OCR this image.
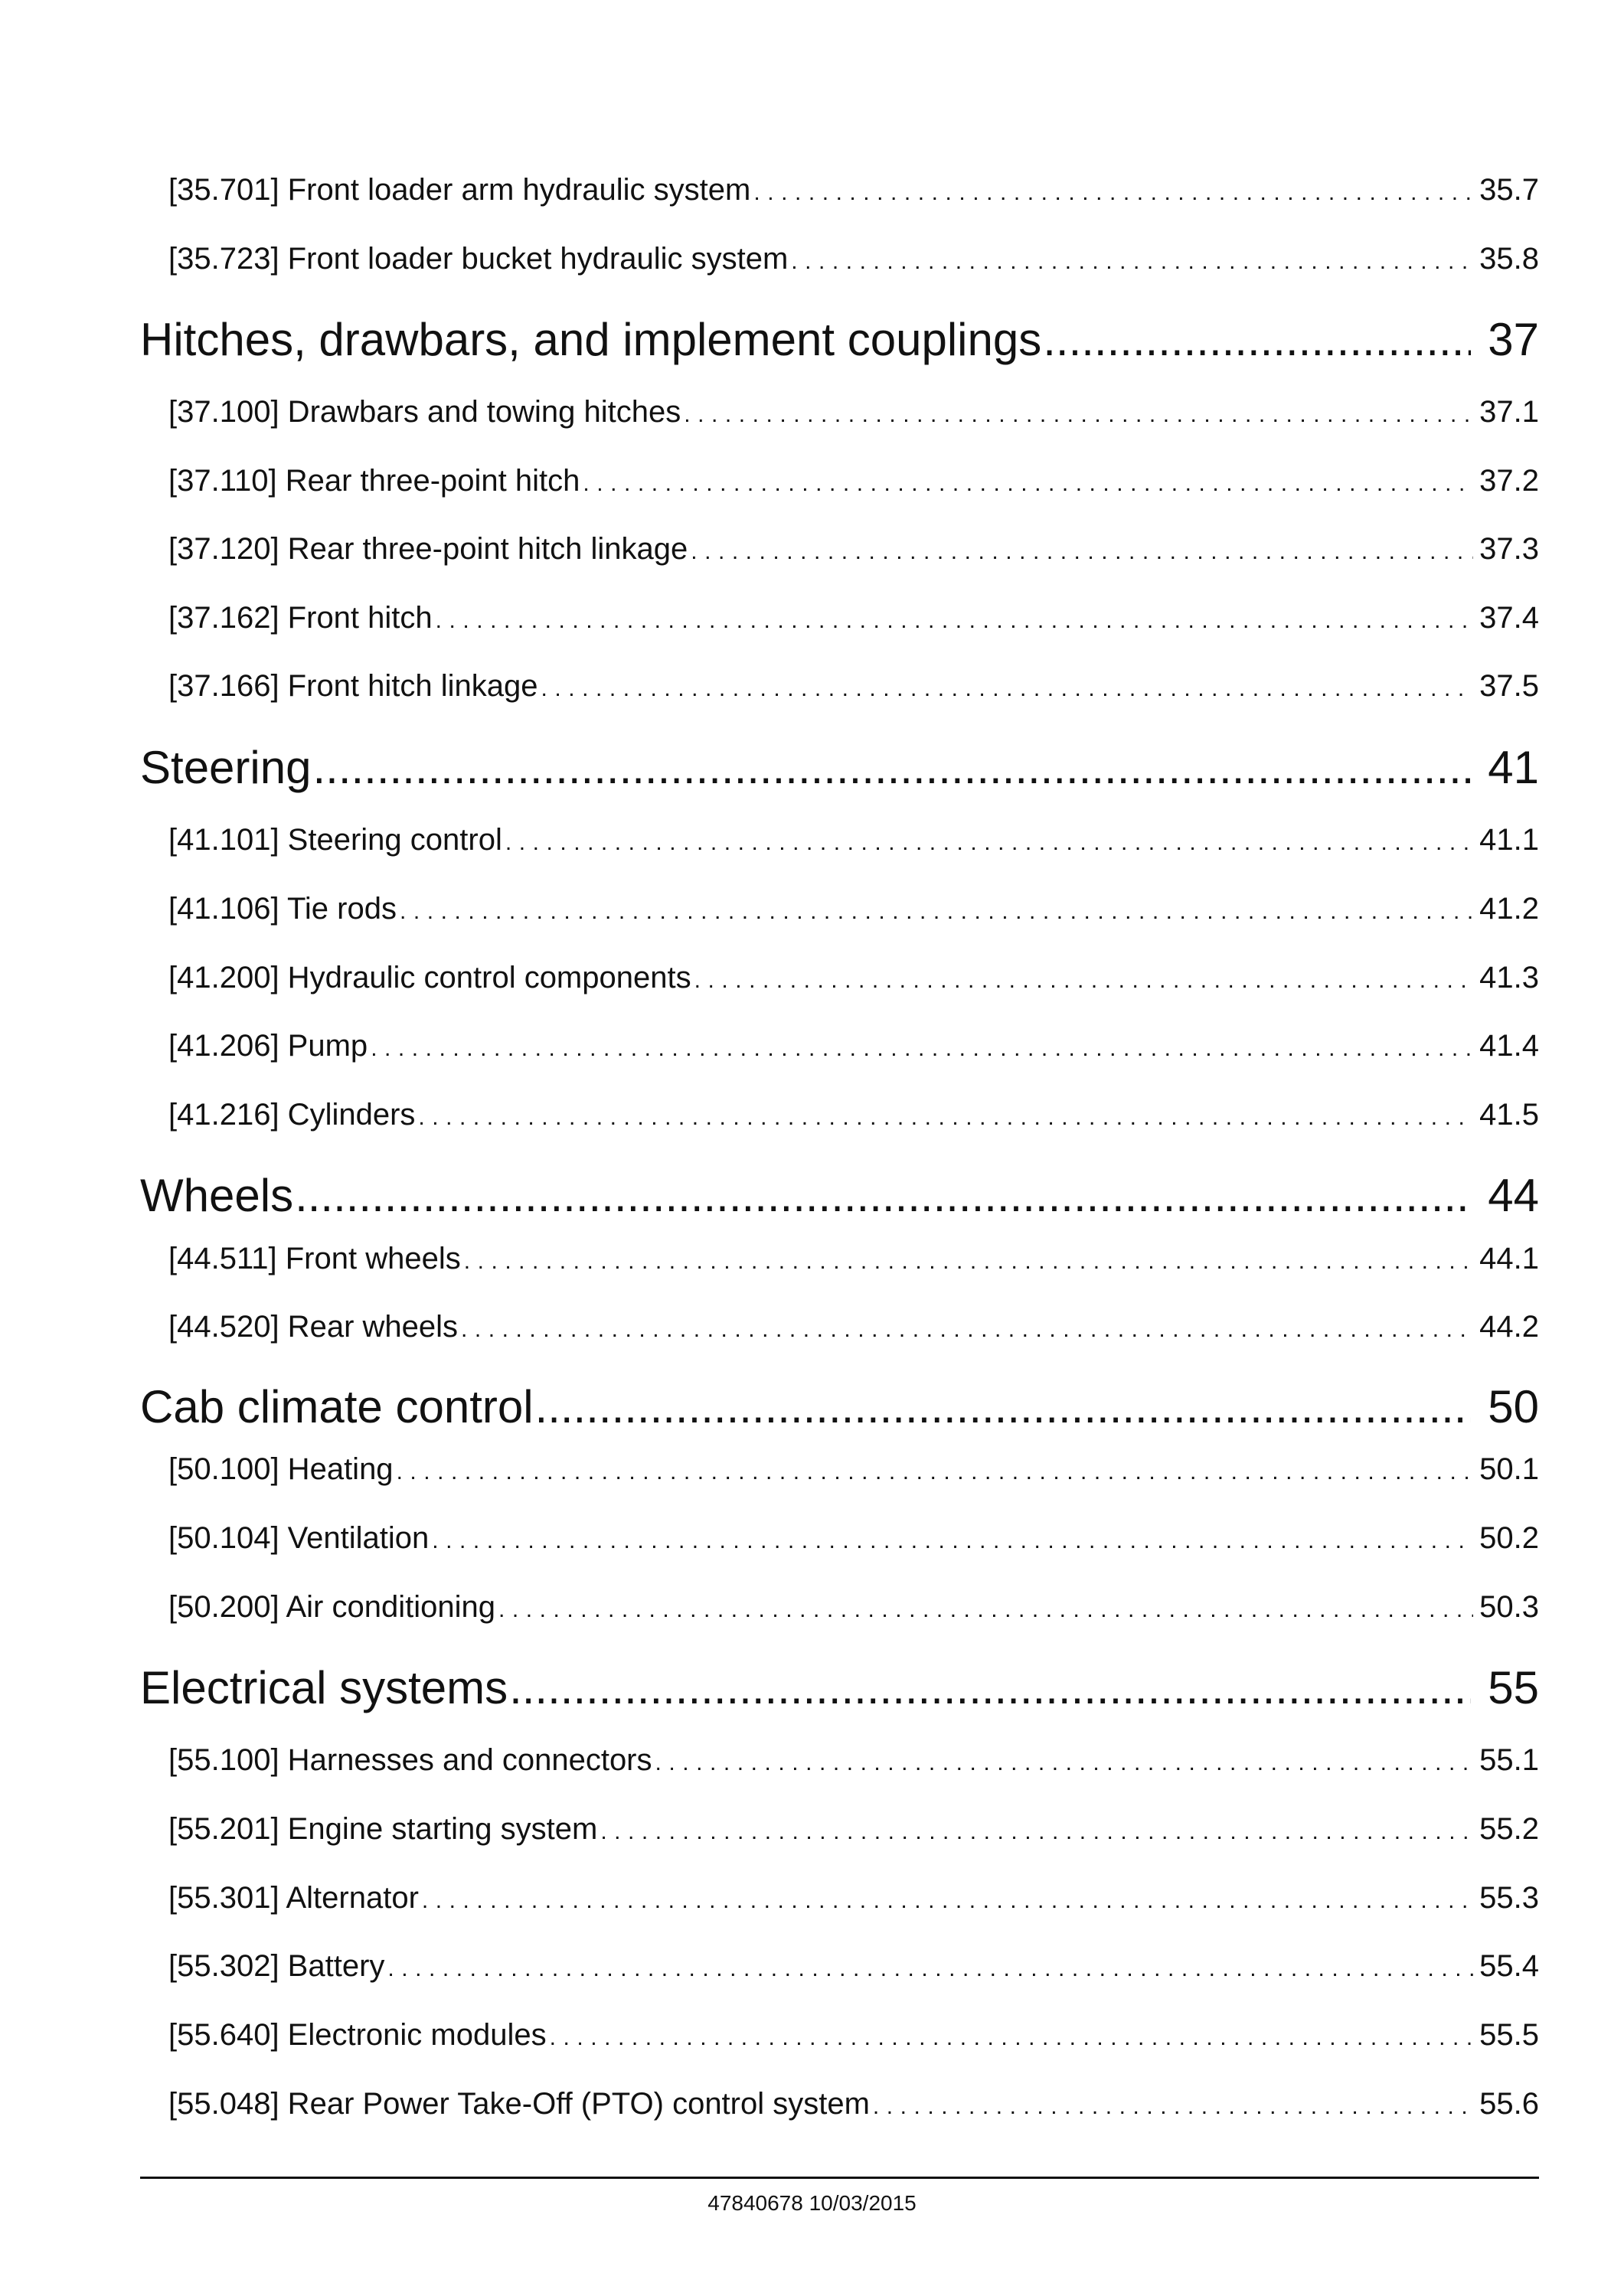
[35.701] Front loader arm hydraulic system . . .	35.7
[35.723] Front loader bucket hydraulic system . . .	35.8
Hitches, drawbars, and implement couplings .....	37
[37.100] Drawbars and towing hitches . . .	37.1
[37.110] Rear three-point hitch . . .	37.2
[37.120] Rear three-point hitch linkage . . .	37.3
[37.162] Front hitch . . .	37.4
[37.166] Front hitch linkage . . .	37.5
Steering .....	41
[41.101] Steering control . . .	41.1
[41.106] Tie rods . . .	41.2
[41.200] Hydraulic control components . . .	41.3
[41.206] Pump . . .	41.4
[41.216] Cylinders . . .	41.5
Wheels .....	44
[44.511] Front wheels . . .	44.1
[44.520] Rear wheels . . .	44.2
Cab climate control .....	50
[50.100] Heating . . .	50.1
[50.104] Ventilation . . .	50.2
[50.200] Air conditioning . . .	50.3
Electrical systems .....	55
[55.100] Harnesses and connectors . . .	55.1
[55.201] Engine starting system . . .	55.2
[55.301] Alternator . . .	55.3
[55.302] Battery . . .	55.4
[55.640] Electronic modules . . .	55.5
[55.048] Rear Power Take-Off (PTO) control system . . .	55.6
47840678 10/03/2015
